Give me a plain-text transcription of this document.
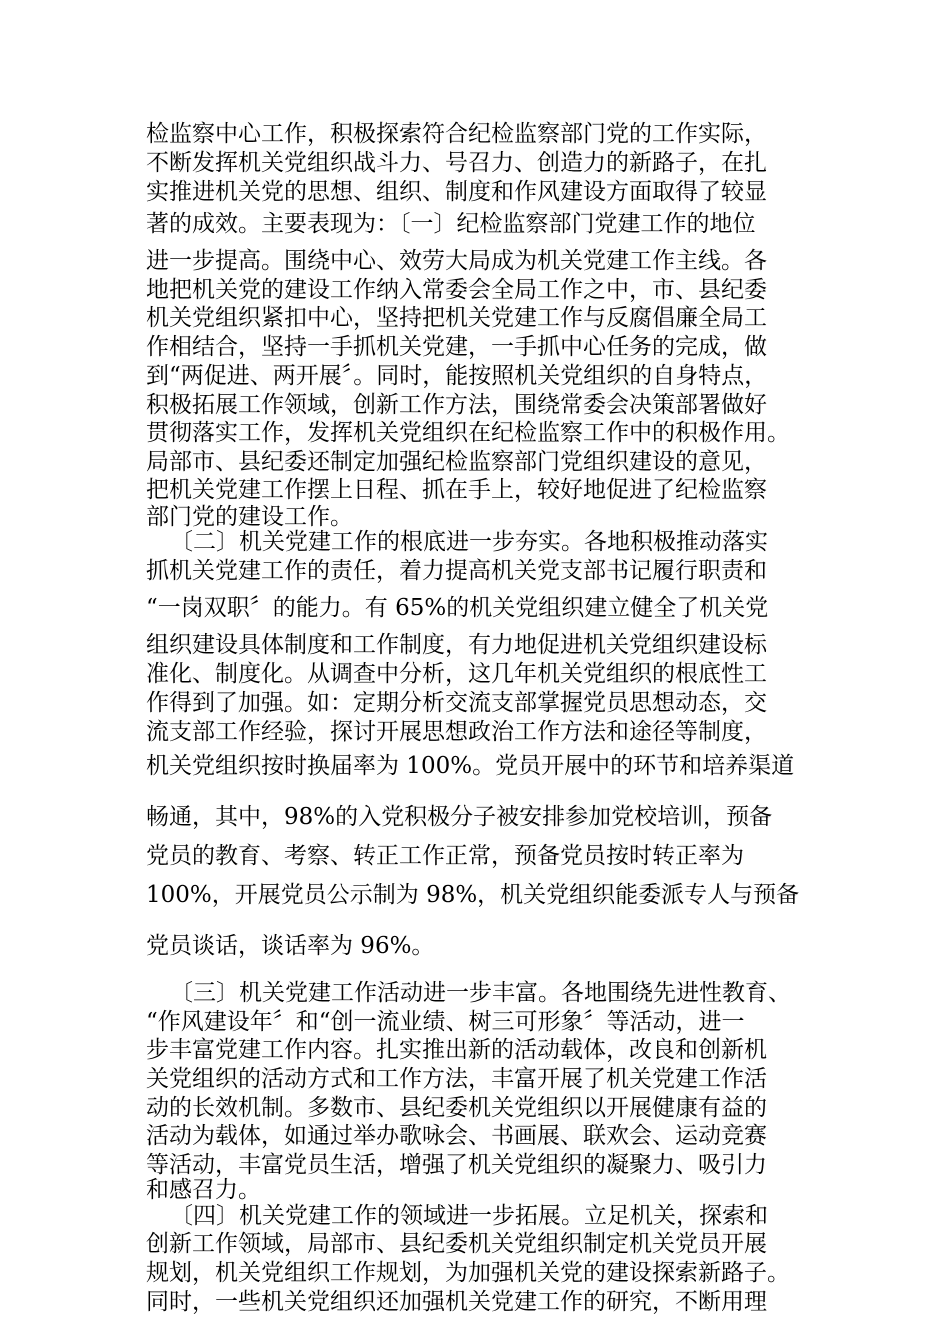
检监察中心工作，积极探索符合纪检监察部门党的工作实际，
不断发挥机关党组织战斗力、号召力、创造力的新路子，在扎
实推进机关党的思想、组织、制度和作风建设方面取得了较显
著的成效。主要表现为：〔一〕纪检监察部门党建工作的地位
进一步提高。围绕中心、效劳大局成为机关党建工作主线。各
地把机关党的建设工作纳入常委会全局工作之中，市、县纪委
机关党组织紧扣中心，坚持把机关党建工作与反腐倡廉全局工
作相结合，坚持一手抓机关党建，一手抓中心任务的完成，做
到“两促进、两开展〞。同时，能按照机关党组织的自身特点，
积极拓展工作领域，创新工作方法，围绕常委会决策部署做好
贯彻落实工作，发挥机关党组织在纪检监察工作中的积极作用。
局部市、县纪委还制定加强纪检监察部门党组织建设的意见，
把机关党建工作摆上日程、抓在手上，较好地促进了纪检监察
部门党的建设工作。
〔二〕机关党建工作的根底进一步夯实。各地积极推动落实
抓机关党建工作的责任，着力提高机关党支部书记履行职责和
“一岗双职〞的能力。有 65%的机关党组织建立健全了机关党
组织建设具体制度和工作制度，有力地促进机关党组织建设标
准化、制度化。从调查中分析，这几年机关党组织的根底性工
作得到了加强。如：定期分析交流支部掌握党员思想动态，交
流支部工作经验，探讨开展思想政治工作方法和途径等制度，
机关党组织按时换届率为 100%。党员开展中的环节和培养渠道
畅通，其中，98%的入党积极分子被安排参加党校培训，预备
党员的教育、考察、转正工作正常，预备党员按时转正率为
100%，开展党员公示制为 98%，机关党组织能委派专人与预备
党员谈话，谈话率为 96%。
〔三〕机关党建工作活动进一步丰富。各地围绕先进性教育、
“作风建设年〞和“创一流业绩、树三可形象〞等活动，进一
步丰富党建工作内容。扎实推出新的活动载体，改良和创新机
关党组织的活动方式和工作方法，丰富开展了机关党建工作活
动的长效机制。多数市、县纪委机关党组织以开展健康有益的
活动为载体，如通过举办歌咏会、书画展、联欢会、运动竞赛
等活动，丰富党员生活，增强了机关党组织的凝聚力、吸引力
和感召力。
〔四〕机关党建工作的领域进一步拓展。立足机关，探索和
创新工作领域，局部市、县纪委机关党组织制定机关党员开展
规划，机关党组织工作规划，为加强机关党的建设探索新路子。
同时，一些机关党组织还加强机关党建工作的研究，不断用理
